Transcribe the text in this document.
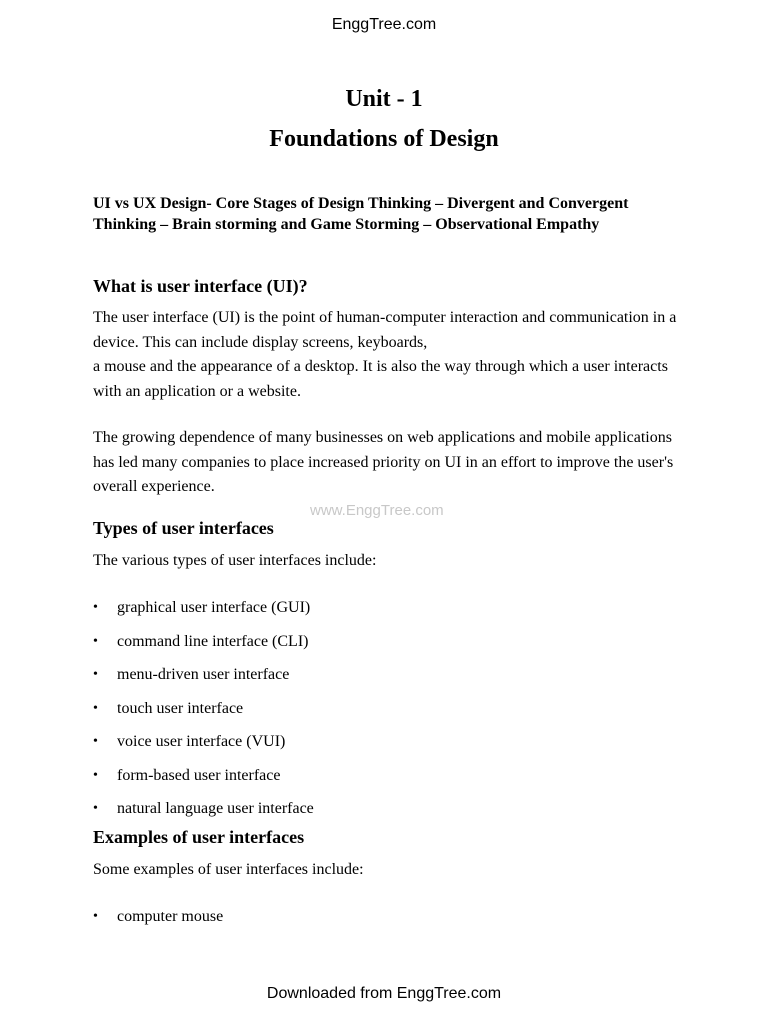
EnggTree.com
Unit - 1
Foundations of Design
UI vs UX Design- Core Stages of Design Thinking – Divergent and Convergent Thinking – Brain storming and Game Storming – Observational Empathy
What is user interface (UI)?
The user interface (UI) is the point of human-computer interaction and communication in a device. This can include display screens, keyboards,
a mouse and the appearance of a desktop. It is also the way through which a user interacts with an application or a website.
The growing dependence of many businesses on web applications and mobile applications has led many companies to place increased priority on UI in an effort to improve the user's overall experience.
www.EnggTree.com
Types of user interfaces
The various types of user interfaces include:
• graphical user interface (GUI)
• command line interface (CLI)
• menu-driven user interface
• touch user interface
• voice user interface (VUI)
• form-based user interface
• natural language user interface
Examples of user interfaces
Some examples of user interfaces include:
• computer mouse
Downloaded from EnggTree.com
